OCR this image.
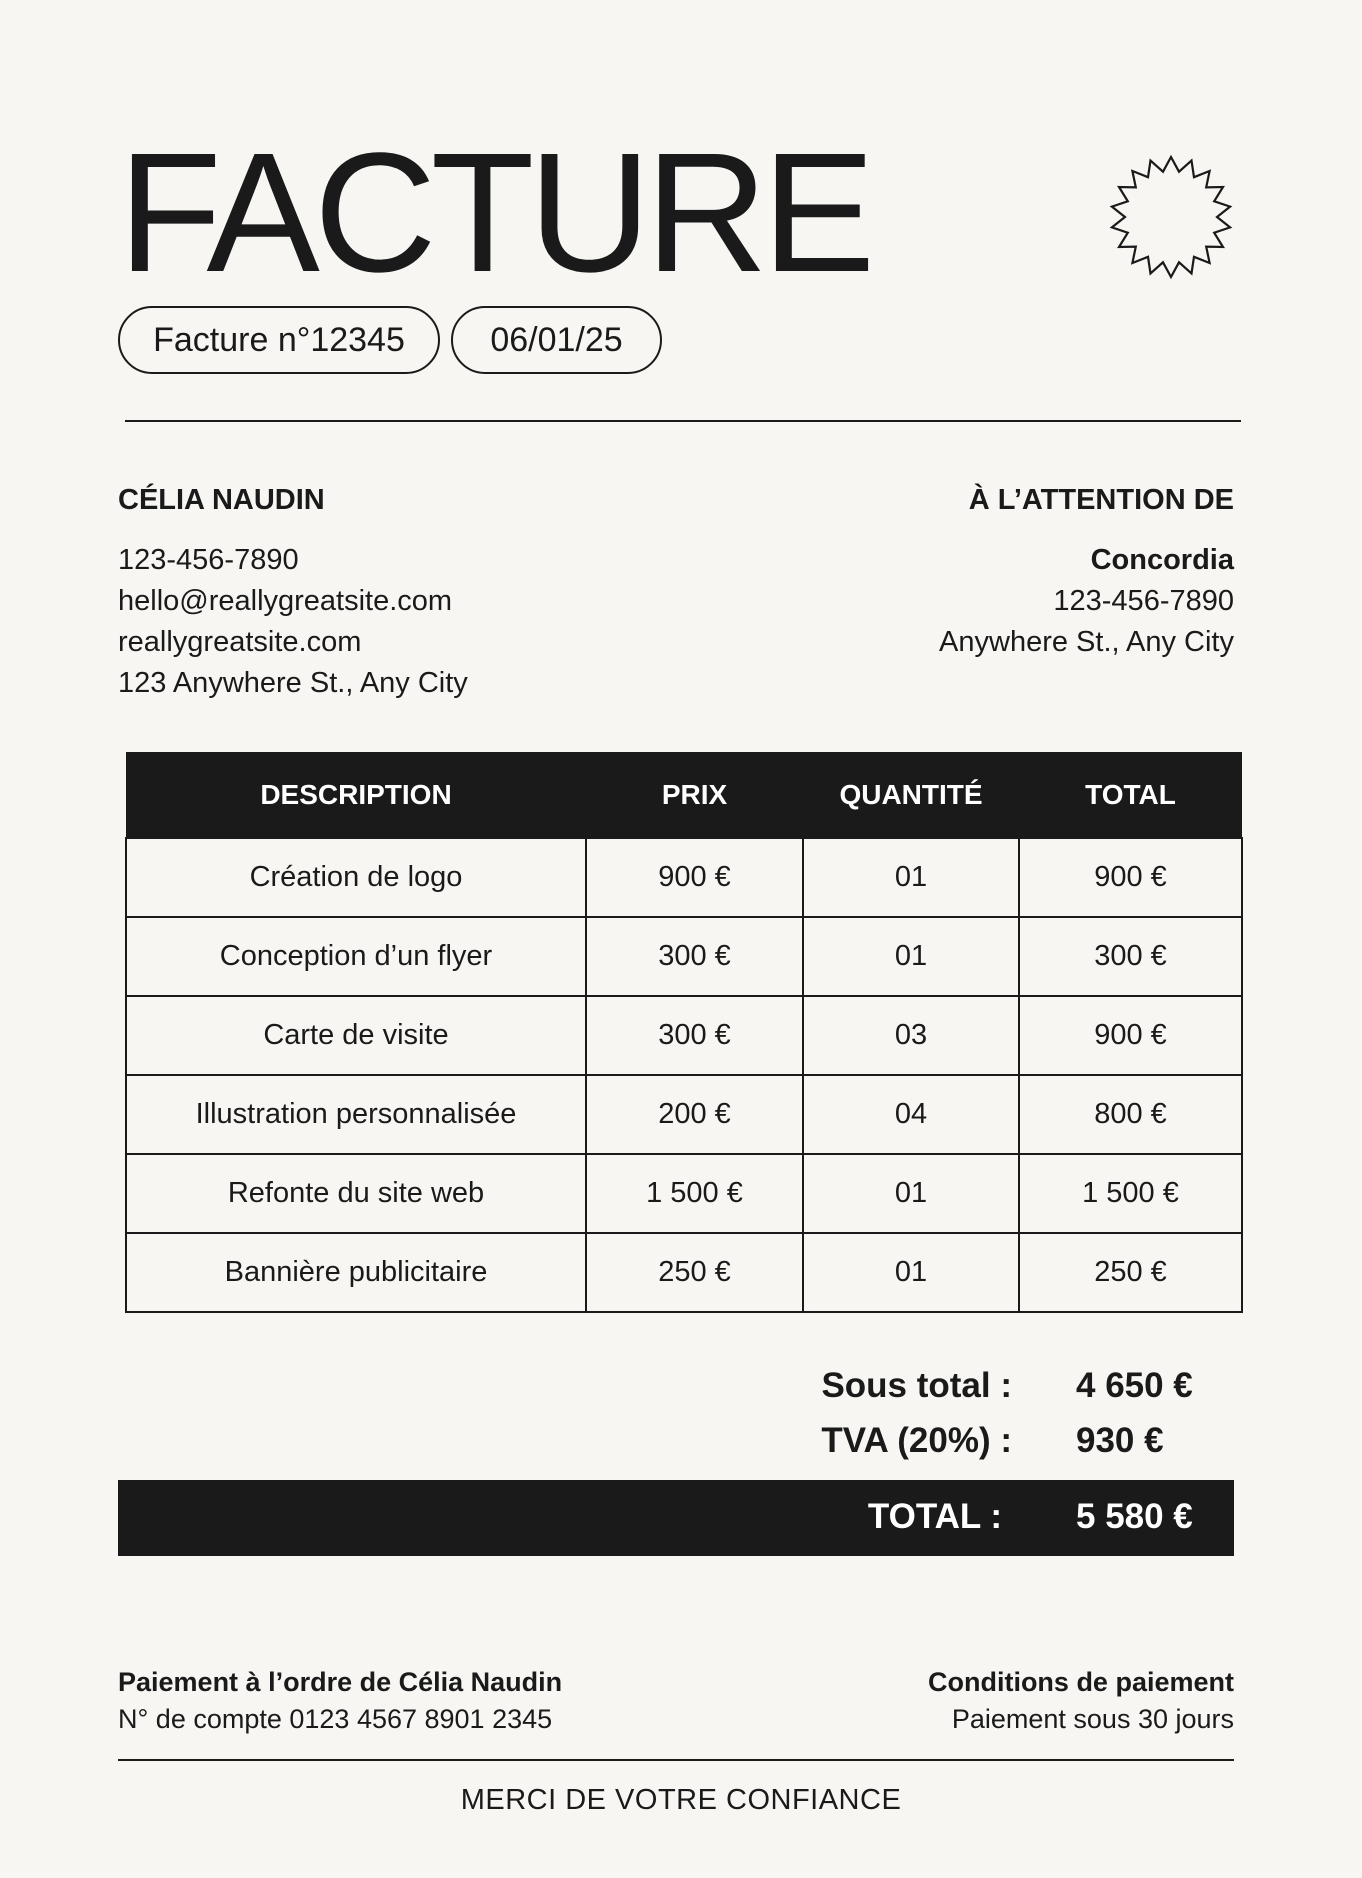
FACTURE
Facture n°12345	06/01/25

CÉLIA NAUDIN

123-456-7890

hello@reallygreatsite.com

reallygreatsite.com

123 Anywhere St., Any City

À L’ATTENTION DE

Concordia

123-456-7890

Anywhere St., Any City

DESCRIPTION	PRIX	QUANTITÉ	TOTAL
Création de logo	900 €	01	900 €
Conception d’un flyer	300 €	01	300 €
Carte de visite	300 €	03	900 €
Illustration personnalisée	200 €	04	800 €
Refonte du site web	1 500 €	01	1 500 €
Bannière publicitaire	250 €	01	250 €
Sous total : 4 650 €
TVA (20%) : 930 €
TOTAL : 5 580 €

Paiement à l’ordre de Célia Naudin

N° de compte 0123 4567 8901 2345

Conditions de paiement

Paiement sous 30 jours

MERCI DE VOTRE CONFIANCE
